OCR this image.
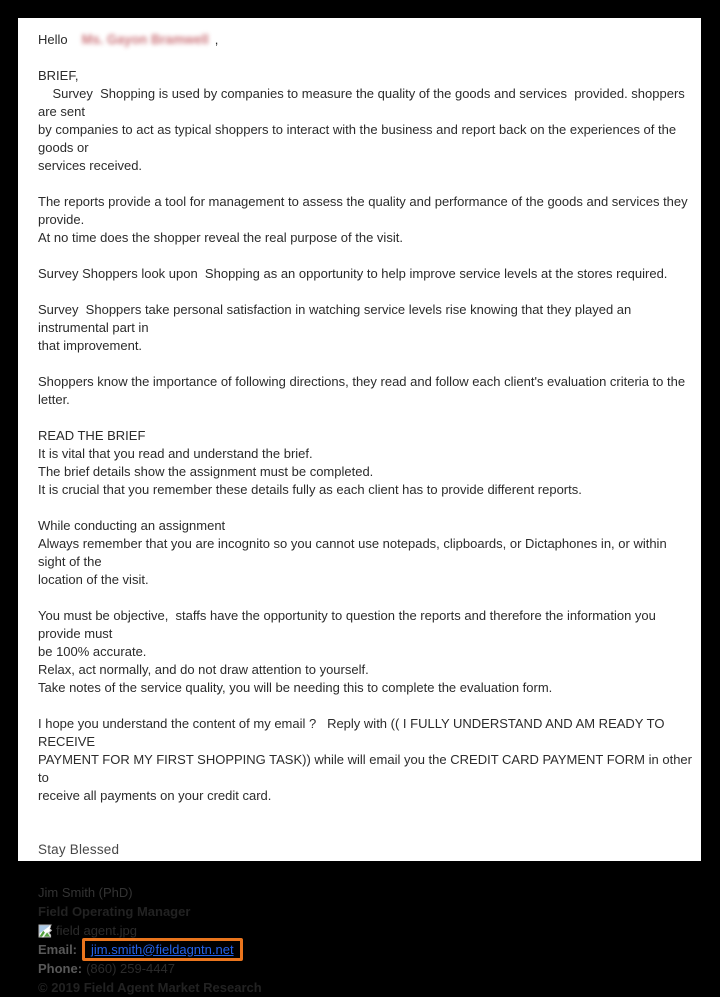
Hello Ms. Gayon Bramwell ,
BRIEF,
Survey  Shopping is used by companies to measure the quality of the goods and services  provided. shoppers are sent
by companies to act as typical shoppers to interact with the business and report back on the experiences of the goods or
services received.
The reports provide a tool for management to assess the quality and performance of the goods and services they provide.
At no time does the shopper reveal the real purpose of the visit.
Survey Shoppers look upon  Shopping as an opportunity to help improve service levels at the stores required.
Survey  Shoppers take personal satisfaction in watching service levels rise knowing that they played an instrumental part in
that improvement.
Shoppers know the importance of following directions, they read and follow each client's evaluation criteria to the letter.
READ THE BRIEF
It is vital that you read and understand the brief.
The brief details show the assignment must be completed.
It is crucial that you remember these details fully as each client has to provide different reports.
While conducting an assignment
Always remember that you are incognito so you cannot use notepads, clipboards, or Dictaphones in, or within sight of the
location of the visit.
You must be objective,  staffs have the opportunity to question the reports and therefore the information you provide must
be 100% accurate.
Relax, act normally, and do not draw attention to yourself.
Take notes of the service quality, you will be needing this to complete the evaluation form.
I hope you understand the content of my email ?   Reply with (( I FULLY UNDERSTAND AND AM READY TO RECEIVE
PAYMENT FOR MY FIRST SHOPPING TASK)) while will email you the CREDIT CARD PAYMENT FORM in other to
receive all payments on your credit card.
Stay Blessed
Jim Smith (PhD)
Field Operating Manager
field agent.jpg
Email: jim.smith@fieldagntn.net
Phone: (860) 259-4447
© 2019 Field Agent Market Research
